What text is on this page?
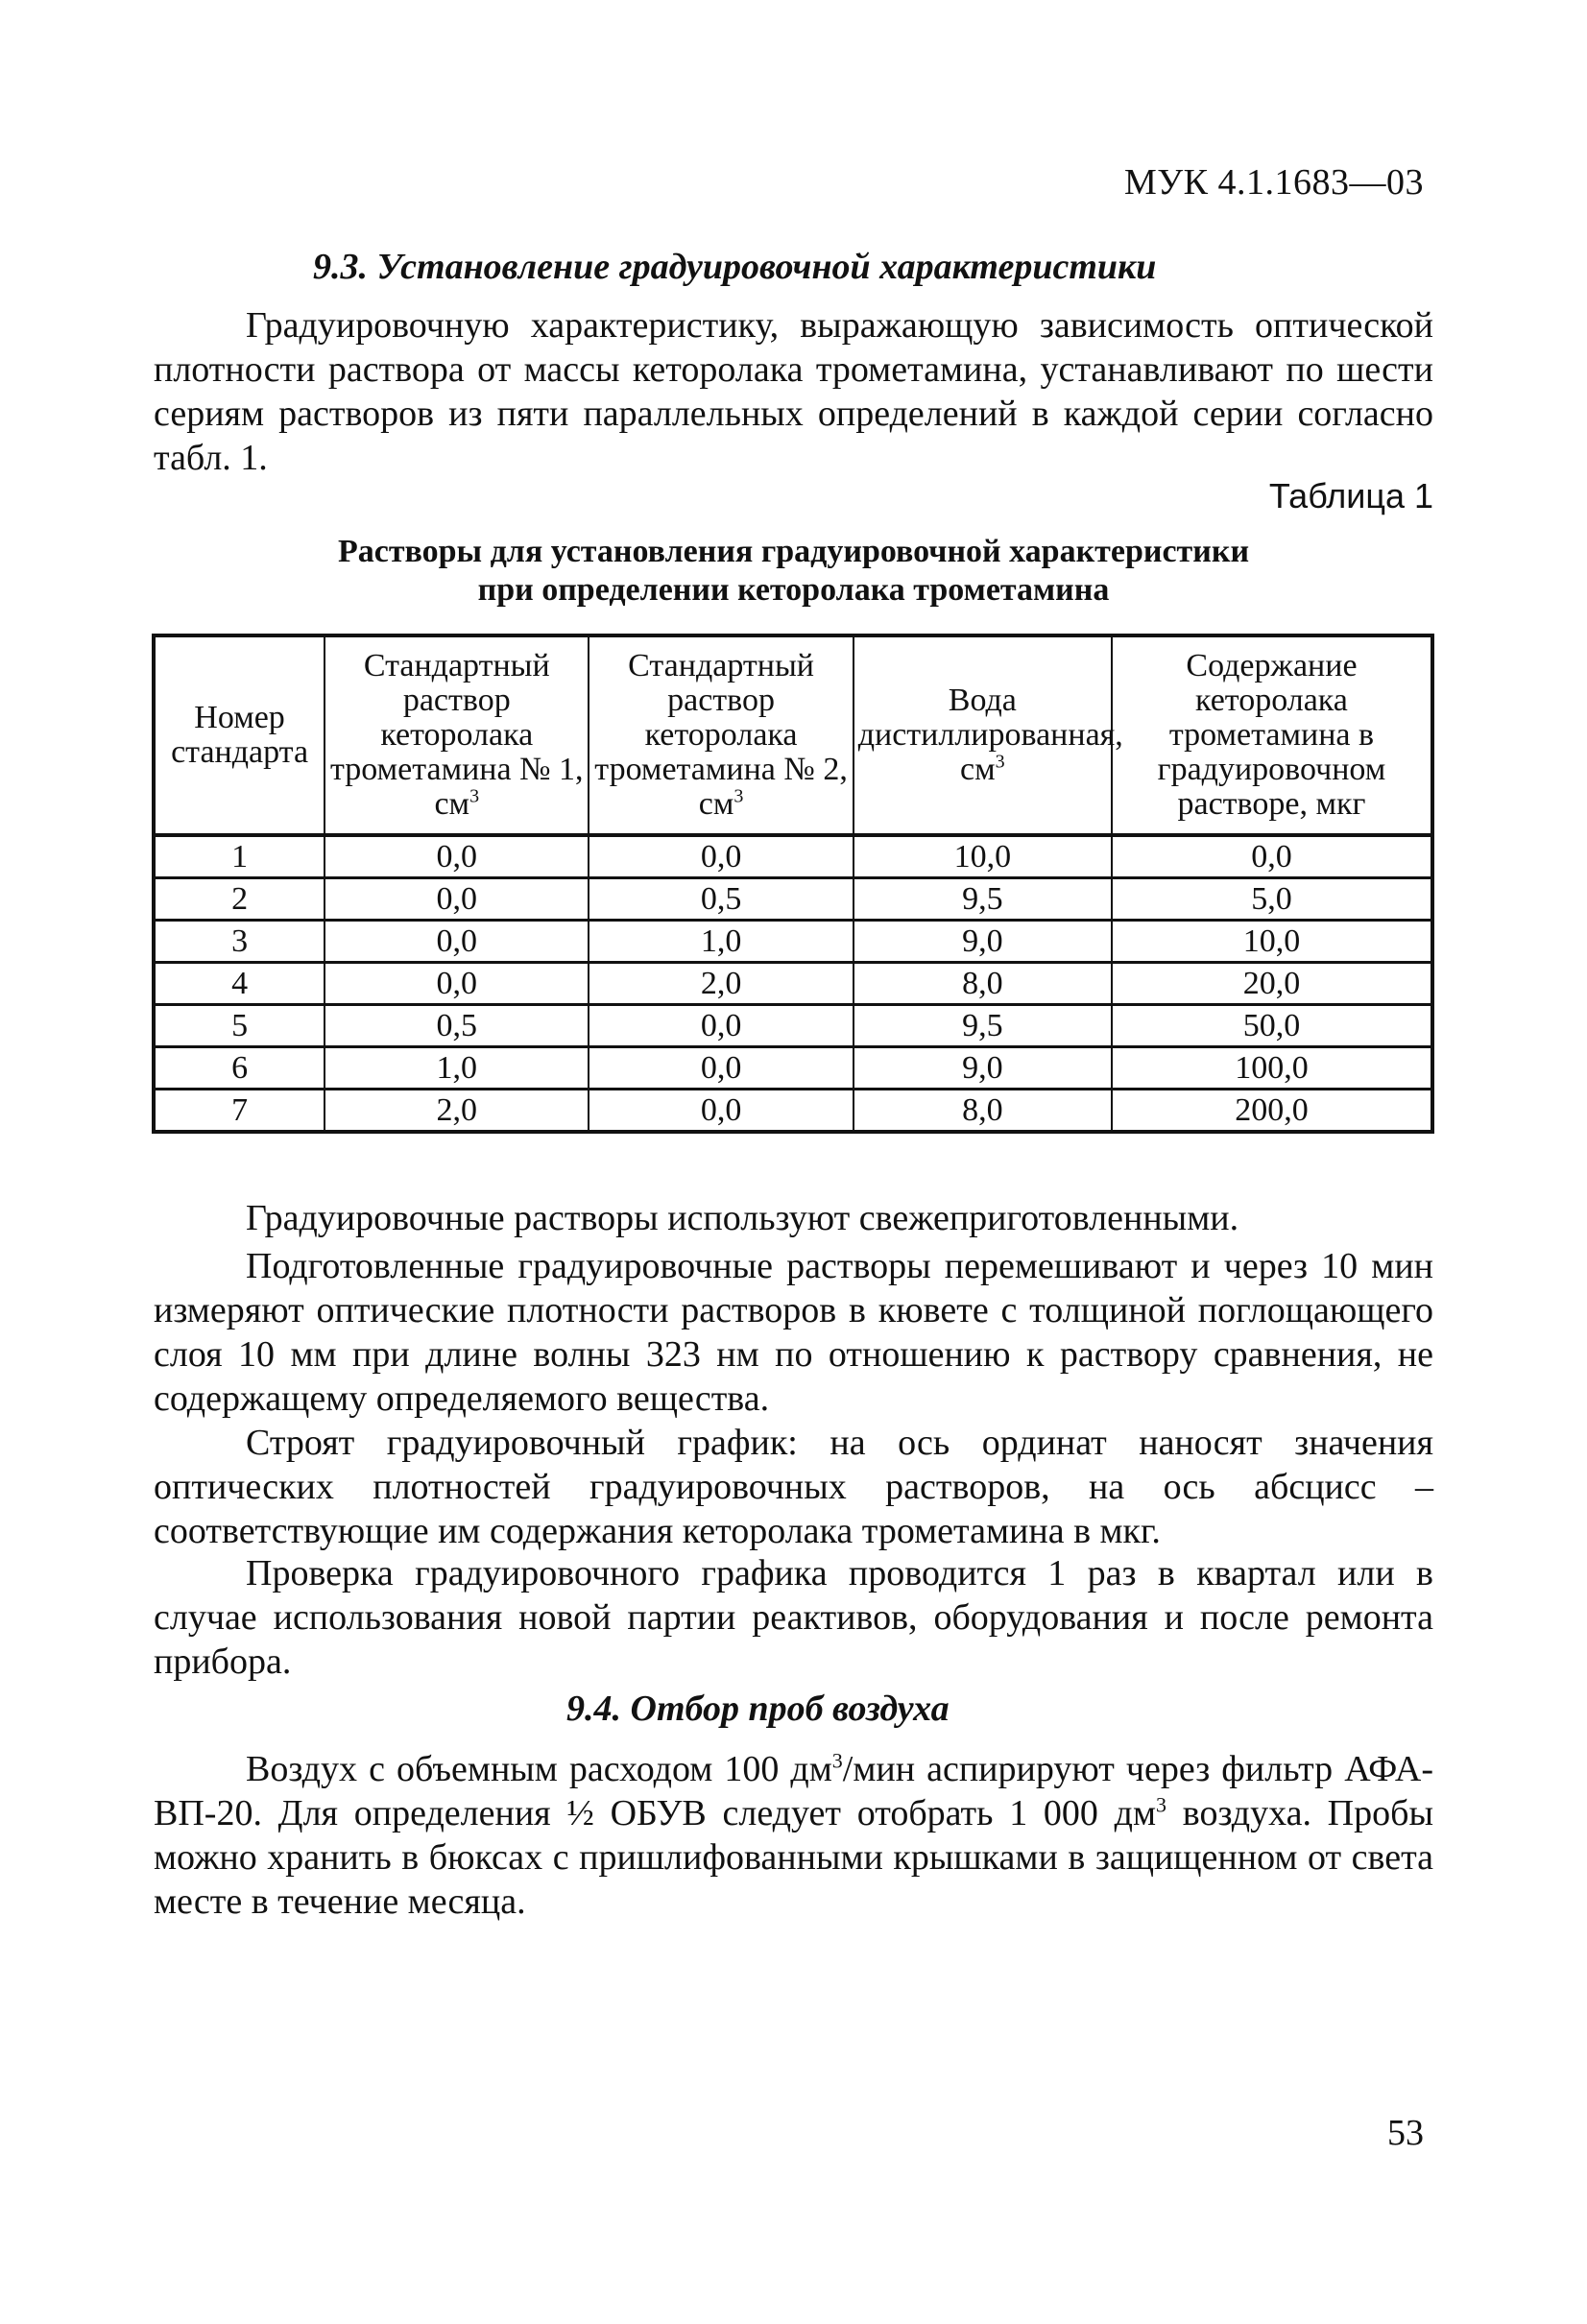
МУК 4.1.1683—03
9.3. Установление градуировочной характеристики
Градуировочную характеристику, выражающую зависимость оптической плотности раствора от массы кеторолака трометамина, устанавливают по шести сериям растворов из пяти параллельных определений в каждой серии согласно табл. 1.
Таблица 1
Растворы для установления градуировочной характеристики
при определении кеторолака трометамина
Номер стандарта	Стандартный раствор кеторолака трометамина № 1, $см^3$	Стандартный раствор кеторолака трометамина № 2, $см^3$	Вода дистиллированная, $см^3$	Содержание кеторолака трометамина в градуировочном растворе, мкг
1	0,0	0,0	10,0	0,0
2	0,0	0,5	9,5	5,0
3	0,0	1,0	9,0	10,0
4	0,0	2,0	8,0	20,0
5	0,5	0,0	9,5	50,0
6	1,0	0,0	9,0	100,0
7	2,0	0,0	8,0	200,0
Градуировочные растворы используют свежеприготовленными.
Подготовленные градуировочные растворы перемешивают и через 10 мин измеряют оптические плотности растворов в кювете с толщиной поглощающего слоя 10 мм при длине волны 323 нм по отношению к раствору сравнения, не содержащему определяемого вещества.
Строят градуировочный график: на ось ординат наносят значения оптических плотностей градуировочных растворов, на ось абсцисс – соответствующие им содержания кеторолака трометамина в мкг.
Проверка градуировочного графика проводится 1 раз в квартал или в случае использования новой партии реактивов, оборудования и после ремонта прибора.
9.4. Отбор проб воздуха
Воздух с объемным расходом 100 $дм^3$/мин аспирируют через фильтр АФА-ВП-20. Для определения ½ ОБУВ следует отобрать 1 000 $дм^3$ воздуха. Пробы можно хранить в бюксах с пришлифованными крышками в защищенном от света месте в течение месяца.
53
